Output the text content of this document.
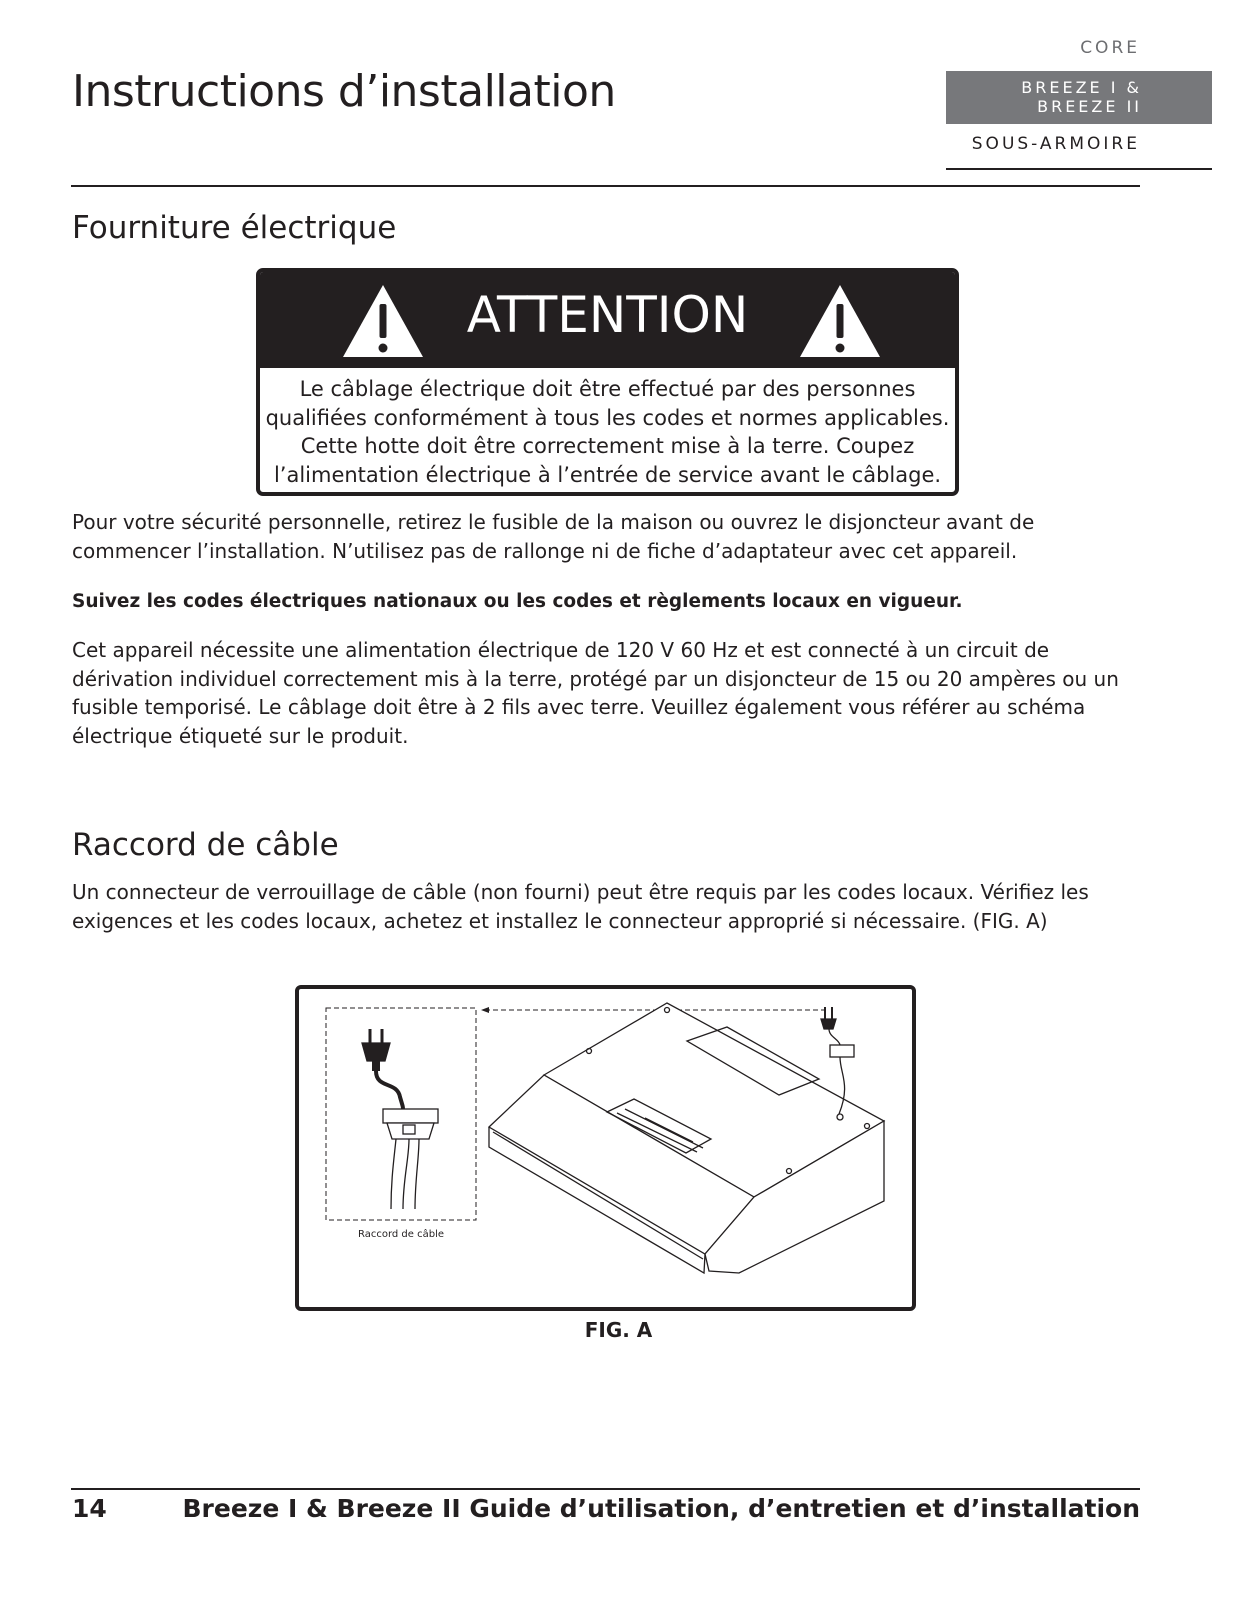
Instructions d’installation
CORE
BREEZE I &
BREEZE II
SOUS-ARMOIRE
Fourniture électrique
ATTENTION
Le câblage électrique doit être effectué par des personnes
qualifiées conformément à tous les codes et normes applicables.
Cette hotte doit être correctement mise à la terre. Coupez
l’alimentation électrique à l’entrée de service avant le câblage.

Pour votre sécurité personnelle, retirez le fusible de la maison ou ouvrez le disjoncteur avant de commencer l’installation. N’utilisez pas de rallonge ni de fiche d’adaptateur avec cet appareil.

Suivez les codes électriques nationaux ou les codes et règlements locaux en vigueur.

Cet appareil nécessite une alimentation électrique de 120 V 60 Hz et est connecté à un circuit de dérivation individuel correctement mis à la terre, protégé par un disjoncteur de 15 ou 20 ampères ou un fusible temporisé. Le câblage doit être à 2 fils avec terre. Veuillez également vous référer au schéma électrique étiqueté sur le produit.

Raccord de câble

Un connecteur de verrouillage de câble (non fourni) peut être requis par les codes locaux. Vérifiez les exigences et les codes locaux, achetez et installez le connecteur approprié si nécessaire. (FIG. A)

Raccord de câble
FIG. A
14	Breeze I & Breeze II Guide d’utilisation, d’entretien et d’installation
